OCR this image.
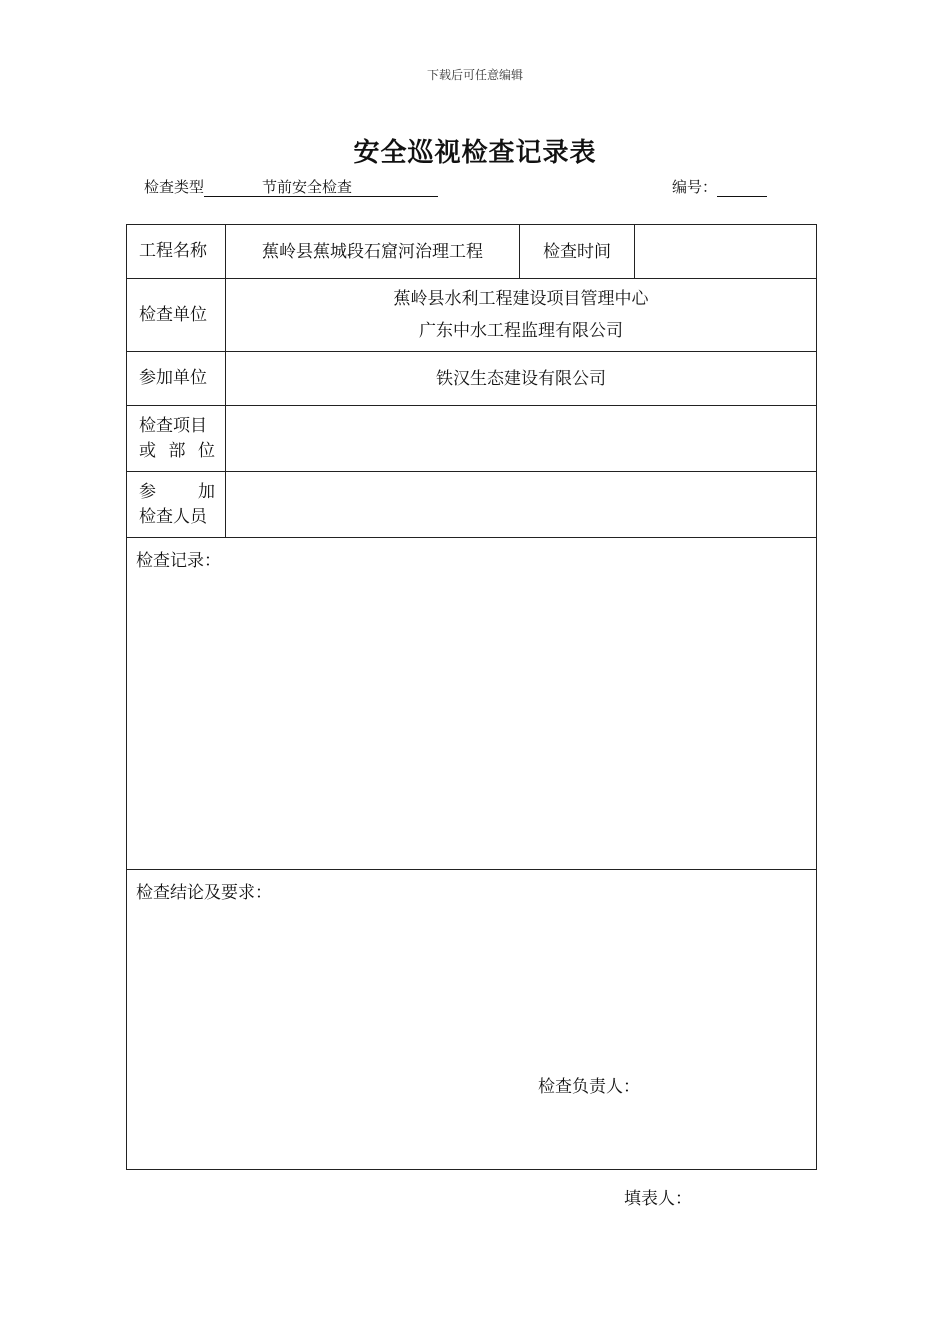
下载后可任意编辑
安全巡视检查记录表
检查类型	节前安全检查	编号：
工程名称	蕉岭县蕉城段石窟河治理工程	检查时间	
检查单位	蕉岭县水利工程建设项目管理中心
广东中水工程监理有限公司		

参加单位	铁汉生态建设有限公司		

检查项目
或 部 位			

参 加
检查人员			

检查记录：
检查结论及要求：
检查负责人：
填表人：
